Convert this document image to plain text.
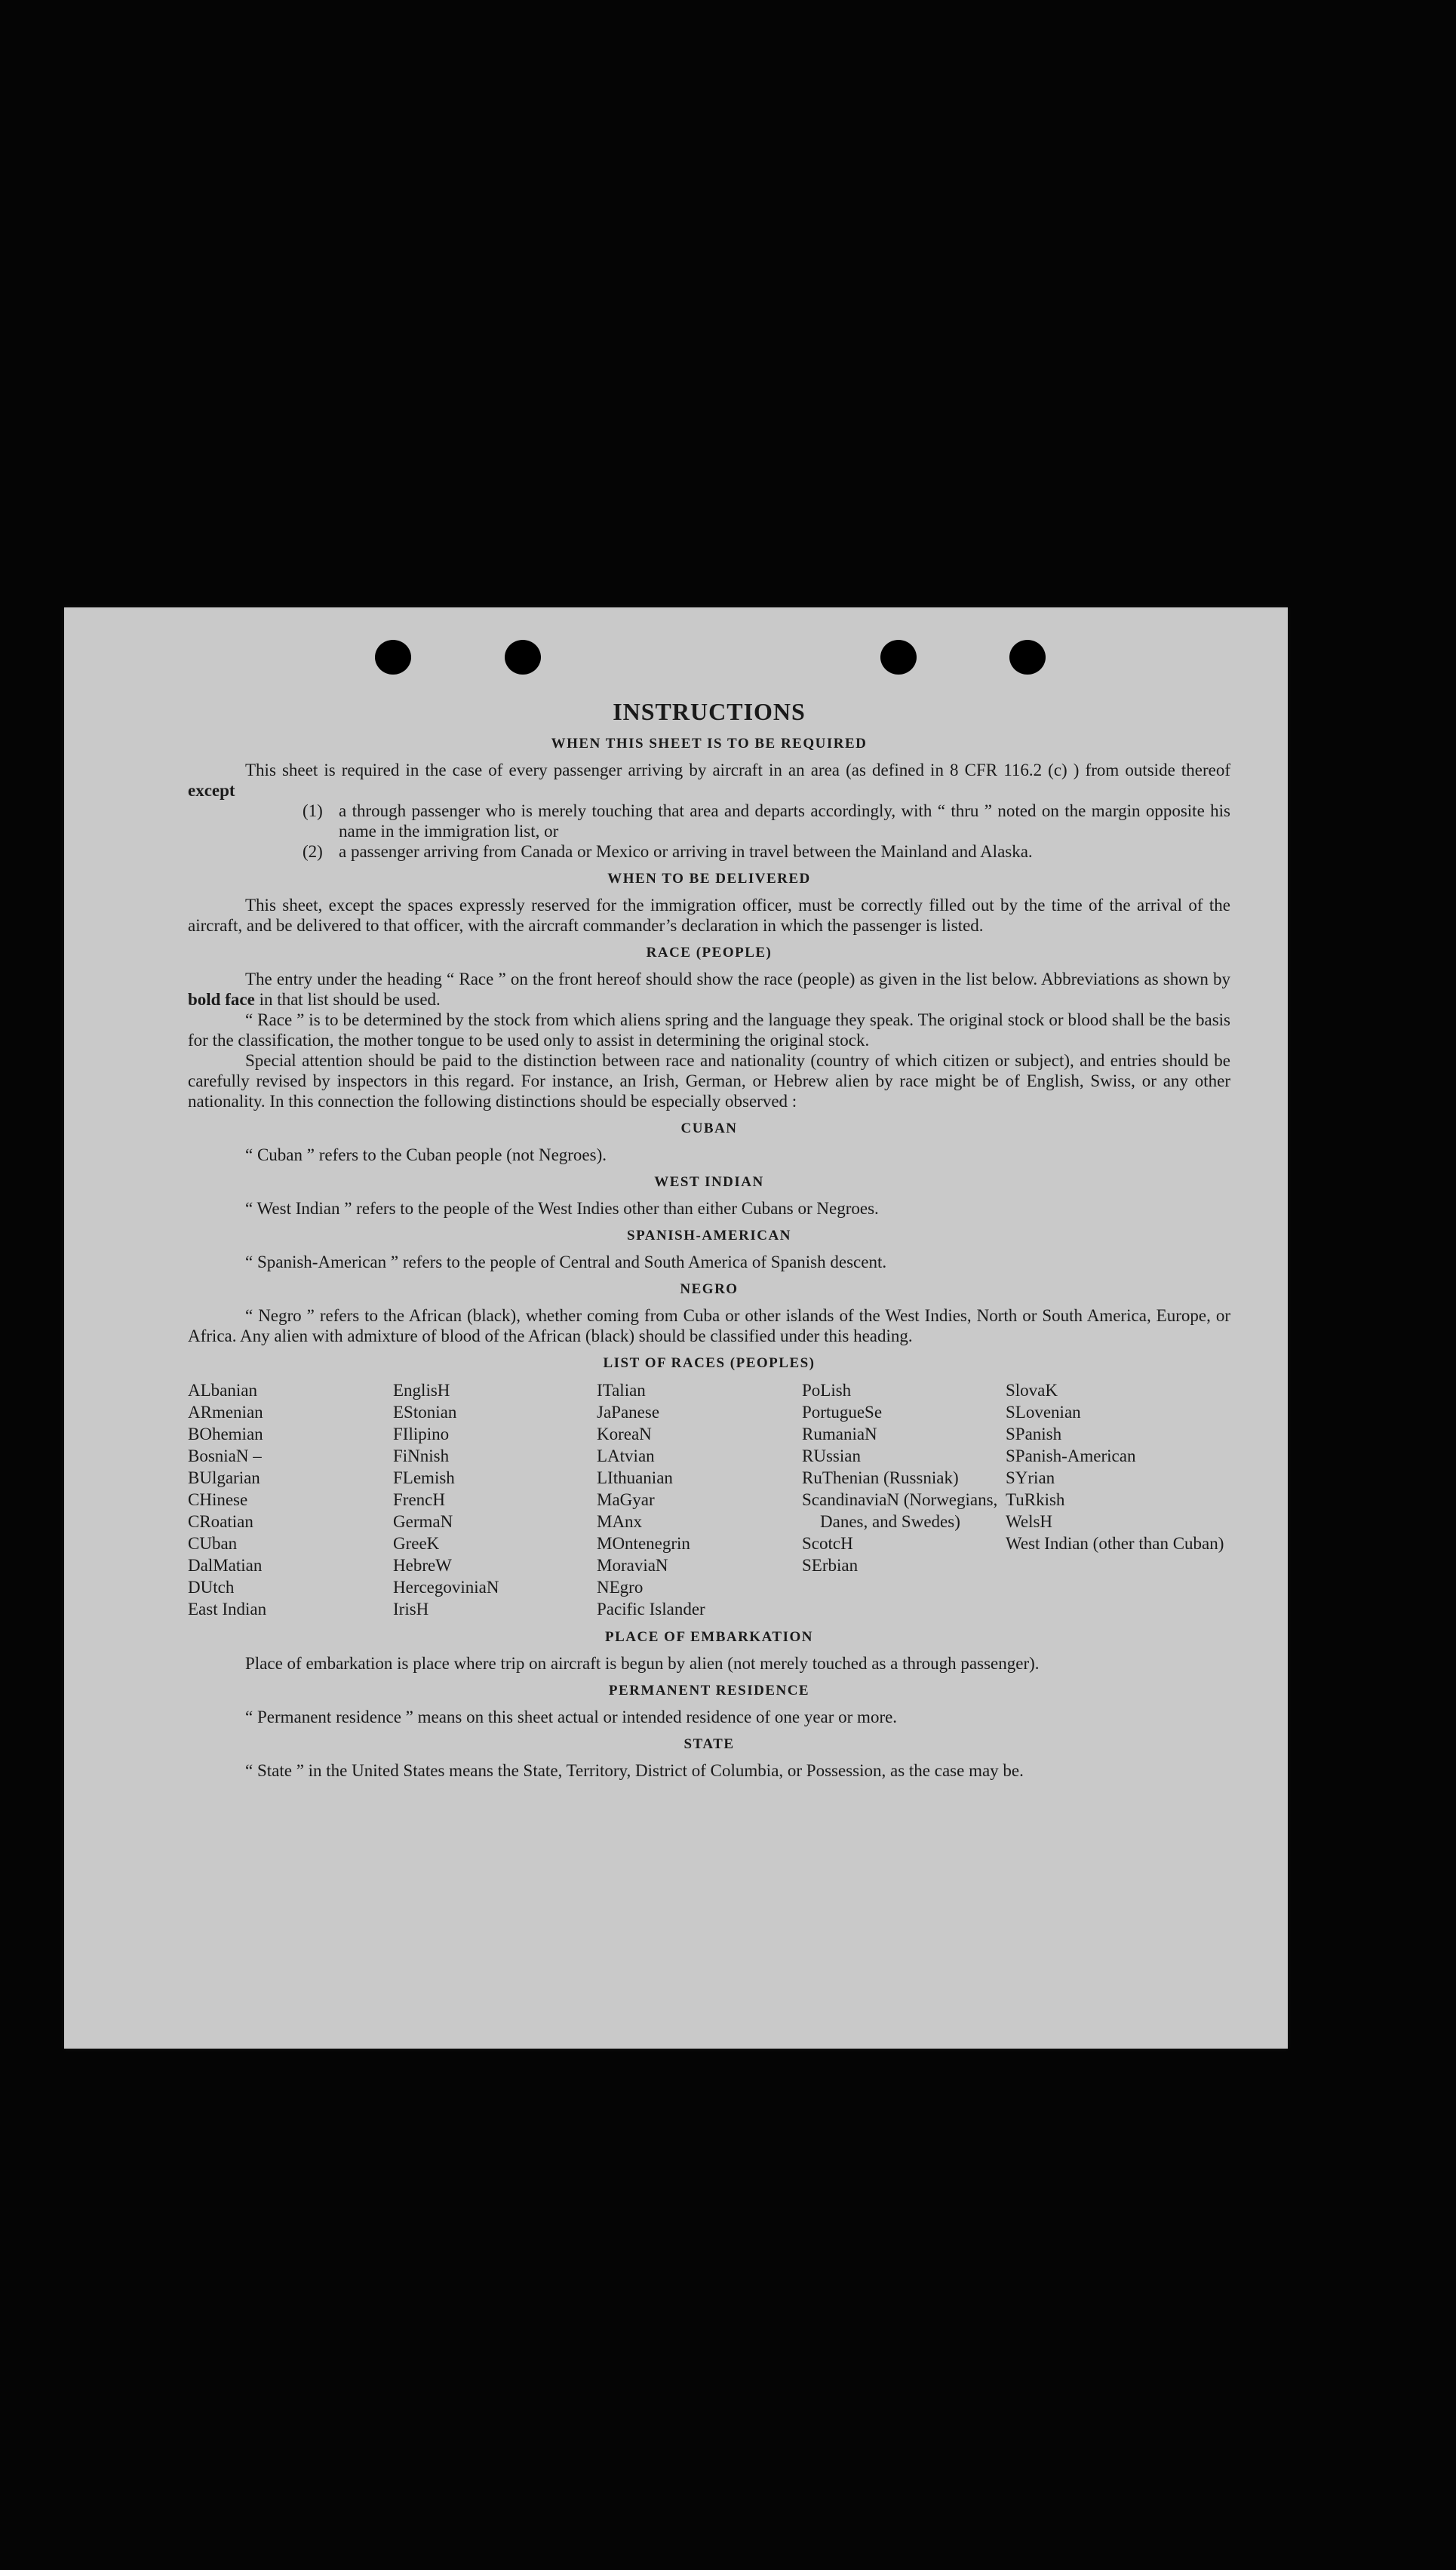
INSTRUCTIONS
WHEN THIS SHEET IS TO BE REQUIRED

This sheet is required in the case of every passenger arriving by aircraft in an area (as defined in 8 CFR 116.2 (c) ) from outside thereof except

(1) a through passenger who is merely touching that area and departs accordingly, with “ thru ” noted on the margin opposite his name in the immigration list, or
(2) a passenger arriving from Canada or Mexico or arriving in travel between the Mainland and Alaska.
WHEN TO BE DELIVERED

This sheet, except the spaces expressly reserved for the immigration officer, must be correctly filled out by the time of the arrival of the aircraft, and be delivered to that officer, with the aircraft commander’s declaration in which the passenger is listed.

RACE (PEOPLE)

The entry under the heading “ Race ” on the front hereof should show the race (people) as given in the list below. Abbreviations as shown by bold face in that list should be used.

“ Race ” is to be determined by the stock from which aliens spring and the language they speak. The original stock or blood shall be the basis for the classification, the mother tongue to be used only to assist in determining the original stock.

Special attention should be paid to the distinction between race and nationality (country of which citizen or subject), and entries should be carefully revised by inspectors in this regard. For instance, an Irish, German, or Hebrew alien by race might be of English, Swiss, or any other nationality. In this connection the following distinctions should be especially observed :

CUBAN

“ Cuban ” refers to the Cuban people (not Negroes).

WEST INDIAN

“ West Indian ” refers to the people of the West Indies other than either Cubans or Negroes.

SPANISH-AMERICAN

“ Spanish-American ” refers to the people of Central and South America of Spanish descent.

NEGRO

“ Negro ” refers to the African (black), whether coming from Cuba or other islands of the West Indies, North or South America, Europe, or Africa. Any alien with admixture of blood of the African (black) should be classified under this heading.

LIST OF RACES (PEOPLES)
ALbanian
ARmenian
BOhemian
BosniaN –
BUlgarian
CHinese
CRoatian
CUban
DalMatian
DUtch
East Indian
EnglisH
EStonian
FIlipino
FiNnish
FLemish
FrencH
GermaN
GreeK
HebreW
HercegoviniaN
IrisH
ITalian
JaPanese
KoreaN
LAtvian
LIthuanian
MaGyar
MAnx
MOntenegrin
MoraviaN
NEgro
Pacific Islander
PoLish
PortugueSe
RumaniaN
RUssian
RuThenian (Russniak)
ScandinaviaN (Norwegians, Danes, and Swedes)
ScotcH
SErbian
SlovaK
SLovenian
SPanish
SPanish-American
SYrian
TuRkish
WelsH
West Indian (other than Cuban)
PLACE OF EMBARKATION

Place of embarkation is place where trip on aircraft is begun by alien (not merely touched as a through passenger).

PERMANENT RESIDENCE

“ Permanent residence ” means on this sheet actual or intended residence of one year or more.

STATE

“ State ” in the United States means the State, Territory, District of Columbia, or Possession, as the case may be.
